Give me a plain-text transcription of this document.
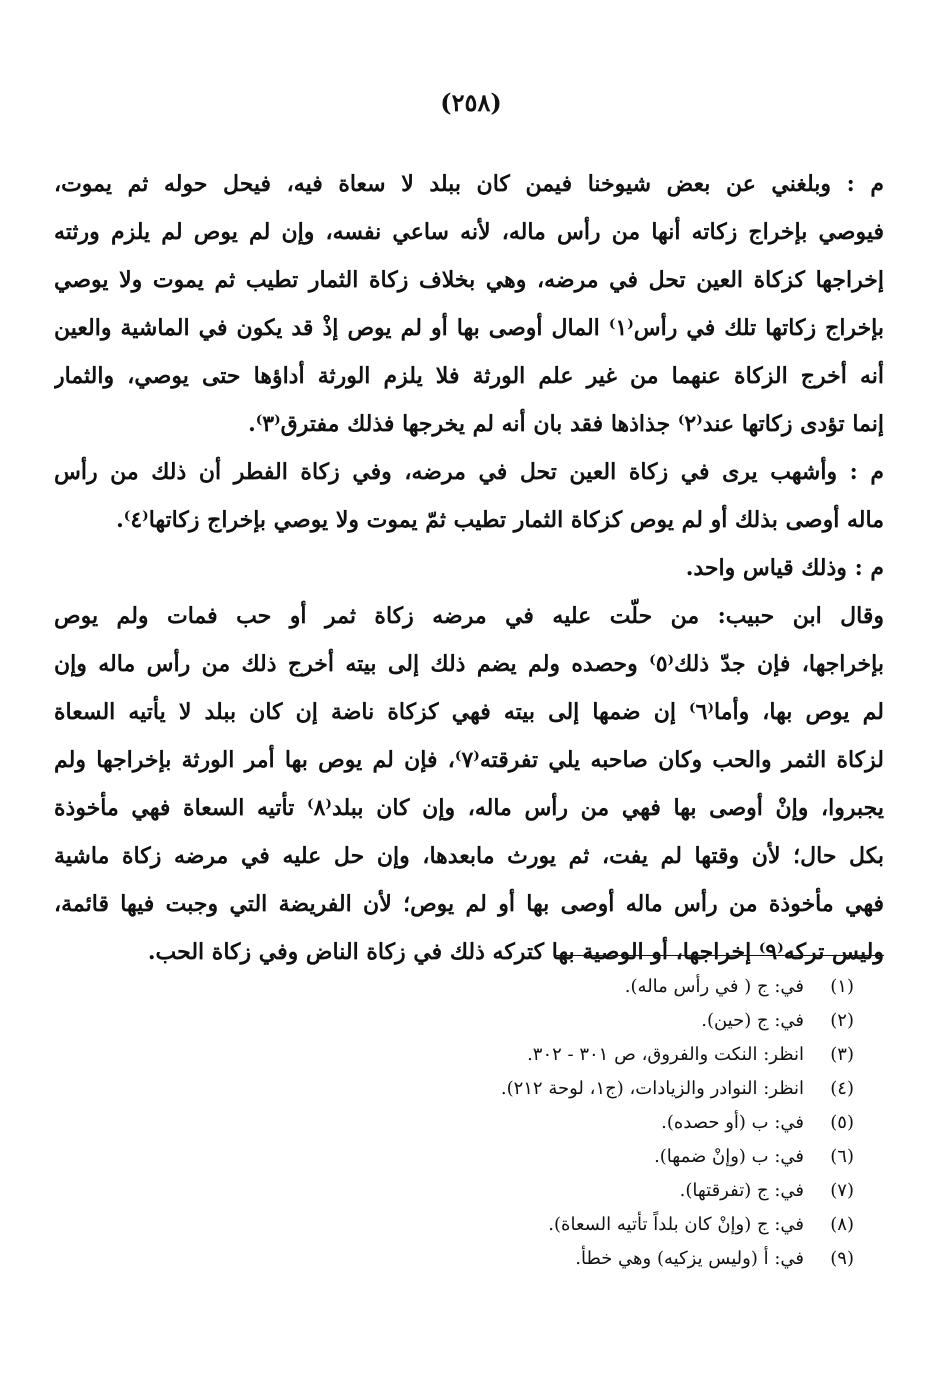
(٢٥٨)
م : وبلغني عن بعض شيوخنا فيمن كان ببلد لا سعاة فيه، فيحل حوله ثم يموت،
فيوصي بإخراج زكاته أنها من رأس ماله، لأنه ساعي نفسه، وإن لم يوص لم يلزم ورثته
إخراجها كزكاة العين تحل في مرضه، وهي بخلاف زكاة الثمار تطيب ثم يموت ولا يوصي
بإخراج زكاتها تلك في رأس⁽١⁾ المال أوصى بها أو لم يوص إذْ قد يكون في الماشية والعين
أنه أخرج الزكاة عنهما من غير علم الورثة فلا يلزم الورثة أداؤها حتى يوصي، والثمار
إنما تؤدى زكاتها عند⁽٢⁾ جذاذها فقد بان أنه لم يخرجها فذلك مفترق⁽٣⁾.
م : وأشهب يرى في زكاة العين تحل في مرضه، وفي زكاة الفطر أن ذلك من رأس
ماله أوصى بذلك أو لم يوص كزكاة الثمار تطيب ثمّ يموت ولا يوصي بإخراج زكاتها⁽٤⁾.
م : وذلك قياس واحد.
وقال ابن حبيب: من حلّت عليه في مرضه زكاة ثمر أو حب فمات ولم يوص
بإخراجها، فإن جدّ ذلك⁽٥⁾ وحصده ولم يضم ذلك إلى بيته أخرج ذلك من رأس ماله وإن
لم يوص بها، وأما⁽٦⁾ إن ضمها إلى بيته فهي كزكاة ناضة إن كان ببلد لا يأتيه السعاة
لزكاة الثمر والحب وكان صاحبه يلي تفرقته⁽٧⁾، فإن لم يوص بها أمر الورثة بإخراجها ولم
يجبروا، وإنْ أوصى بها فهي من رأس ماله، وإن كان ببلد⁽٨⁾ تأتيه السعاة فهي مأخوذة
بكل حال؛ لأن وقتها لم يفت، ثم يورث مابعدها، وإن حل عليه في مرضه زكاة ماشية
فهي مأخوذة من رأس ماله أوصى بها أو لم يوص؛ لأن الفريضة التي وجبت فيها قائمة،
وليس تركه⁽٩⁾ إخراجها، أو الوصية بها كتركه ذلك في زكاة الناض وفي زكاة الحب.
(١)
في: ج ( في رأس ماله).
(٢)
في: ج (حين).
(٣)
انظر: النكت والفروق، ص ٣٠١ - ٣٠٢.
(٤)
انظر: النوادر والزيادات، (ج١، لوحة ٢١٢).
(٥)
في: ب (أو حصده).
(٦)
في: ب (وإنْ ضمها).
(٧)
في: ج (تفرقتها).
(٨)
في: ج (وإنْ كان بلداً تأتيه السعاة).
(٩)
في: أ (وليس يزكيه) وهي خطأ.
